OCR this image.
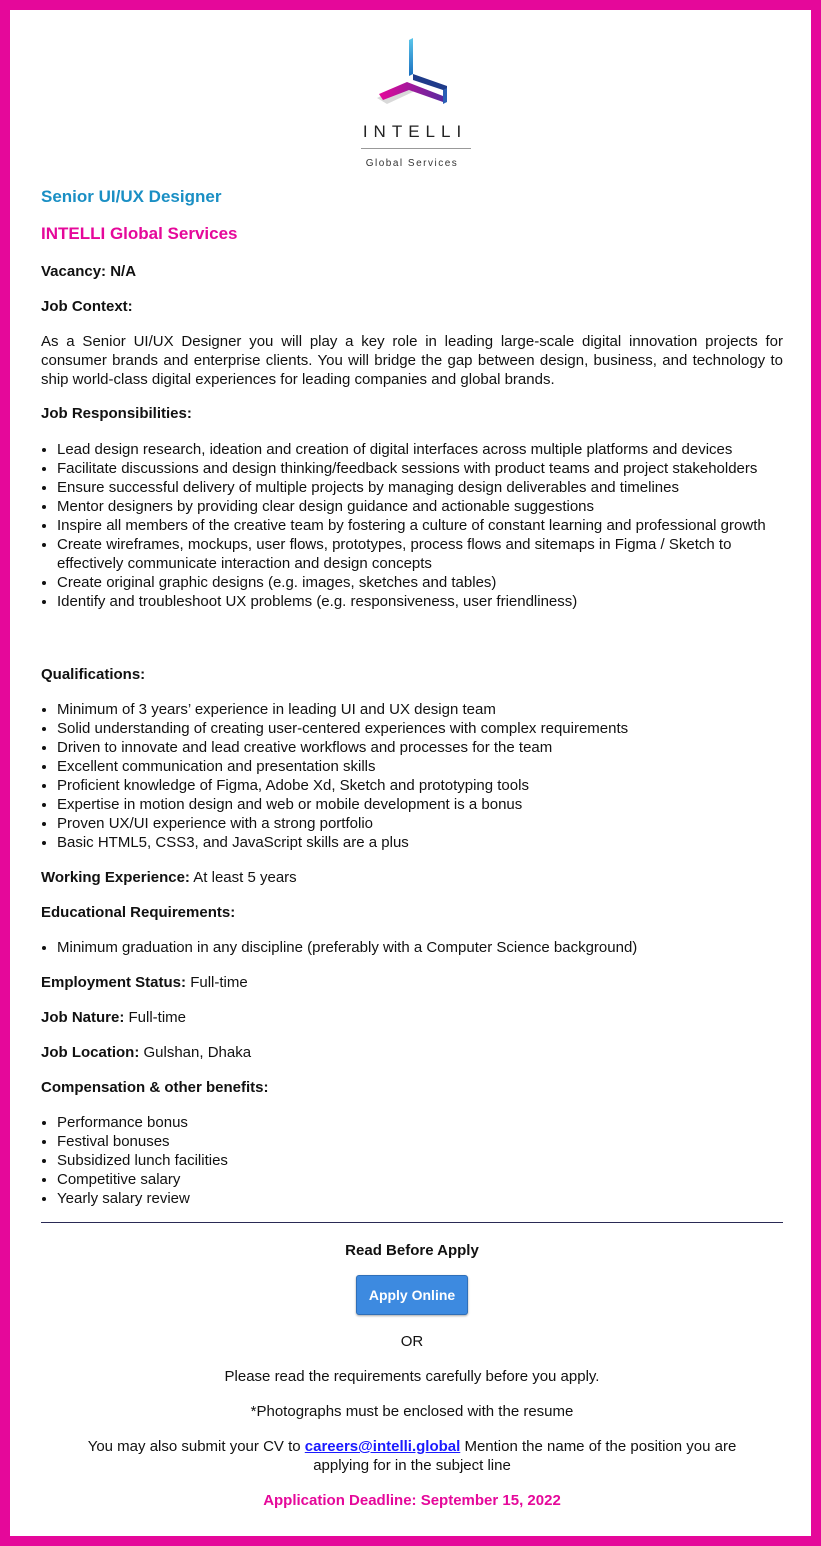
INTELLI
Global Services
Senior UI/UX Designer
INTELLI Global Services
Vacancy: N/A
Job Context:
As a Senior UI/UX Designer you will play a key role in leading large-scale digital innovation projects for consumer brands and enterprise clients. You will bridge the gap between design, business, and technology to ship world-class digital experiences for leading companies and global brands.
Job Responsibilities:
• Lead design research, ideation and creation of digital interfaces across multiple platforms and devices
• Facilitate discussions and design thinking/feedback sessions with product teams and project stakeholders
• Ensure successful delivery of multiple projects by managing design deliverables and timelines
• Mentor designers by providing clear design guidance and actionable suggestions
• Inspire all members of the creative team by fostering a culture of constant learning and professional growth
• Create wireframes, mockups, user flows, prototypes, process flows and sitemaps in Figma / Sketch to effectively communicate interaction and design concepts
• Create original graphic designs (e.g. images, sketches and tables)
• Identify and troubleshoot UX problems (e.g. responsiveness, user friendliness)
Qualifications:
• Minimum of 3 years’ experience in leading UI and UX design team
• Solid understanding of creating user-centered experiences with complex requirements
• Driven to innovate and lead creative workflows and processes for the team
• Excellent communication and presentation skills
• Proficient knowledge of Figma, Adobe Xd, Sketch and prototyping tools
• Expertise in motion design and web or mobile development is a bonus
• Proven UX/UI experience with a strong portfolio
• Basic HTML5, CSS3, and JavaScript skills are a plus
Working Experience: At least 5 years
Educational Requirements:
• Minimum graduation in any discipline (preferably with a Computer Science background)
Employment Status: Full-time
Job Nature: Full-time
Job Location: Gulshan, Dhaka
Compensation & other benefits:
• Performance bonus
• Festival bonuses
• Subsidized lunch facilities
• Competitive salary
• Yearly salary review
Read Before Apply
Apply Online
OR
Please read the requirements carefully before you apply.
*Photographs must be enclosed with the resume
You may also submit your CV to careers@intelli.global Mention the name of the position you are applying for in the subject line
Application Deadline: September 15, 2022
